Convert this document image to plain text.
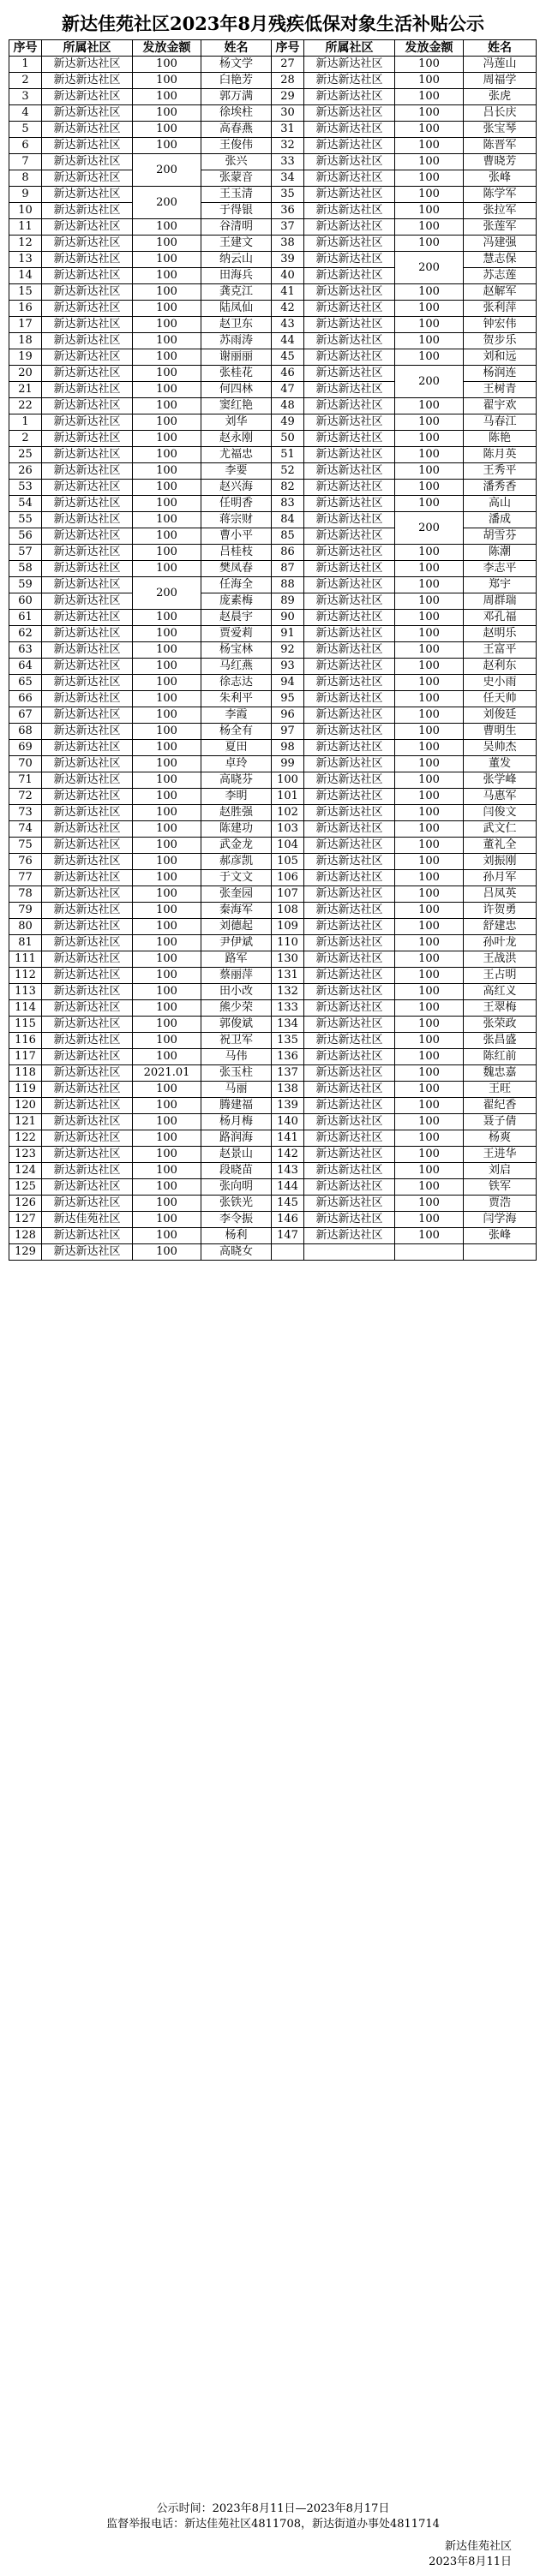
新达佳苑社区2023年8月残疾低保对象生活补贴公示
序号	所属社区	发放金额	姓名	序号	所属社区	发放金额	姓名
1	新达新达社区	100	杨文学	27	新达新达社区	100	冯莲山
2	新达新达社区	100	臼艳芳	28	新达新达社区	100	周福学
3	新达新达社区	100	郭万满	29	新达新达社区	100	张虎
4	新达新达社区	100	徐埃柱	30	新达新达社区	100	吕长庆
5	新达新达社区	100	高春燕	31	新达新达社区	100	张宝琴
6	新达新达社区	100	王俊伟	32	新达新达社区	100	陈晋军
7	新达新达社区	200	张兴	33	新达新达社区	100	曹晓芳
8	新达新达社区		张蒙音	34	新达新达社区	100	张峰
9	新达新达社区	200	王玉清	35	新达新达社区	100	陈学军
10	新达新达社区		于得银	36	新达新达社区	100	张拉军
11	新达新达社区	100	谷清明	37	新达新达社区	100	张莲军
12	新达新达社区	100	王建文	38	新达新达社区	100	冯建强
13	新达新达社区	100	纳云山	39	新达新达社区	200	慧志保
14	新达新达社区	100	田海兵	40	新达新达社区		苏志莲
15	新达新达社区	100	龚克江	41	新达新达社区	100	赵解军
16	新达新达社区	100	陆凤仙	42	新达新达社区	100	张利萍
17	新达新达社区	100	赵卫东	43	新达新达社区	100	钟宏伟
18	新达新达社区	100	苏雨涛	44	新达新达社区	100	贺步乐
19	新达新达社区	100	谢丽丽	45	新达新达社区	100	刘和远
20	新达新达社区	100	张桂花	46	新达新达社区	200	杨润连
21	新达新达社区	100	何四林	47	新达新达社区		王树青
22	新达新达社区	100	窦红艳	48	新达新达社区	100	翟宇欢
1	新达新达社区	100	刘华	49	新达新达社区	100	马春江
2	新达新达社区	100	赵永刚	50	新达新达社区	100	陈艳
25	新达新达社区	100	尤福忠	51	新达新达社区	100	陈月英
26	新达新达社区	100	李要	52	新达新达社区	100	王秀平
53	新达新达社区	100	赵兴海	82	新达新达社区	100	潘秀香
54	新达新达社区	100	任明香	83	新达新达社区	100	高山
55	新达新达社区	100	蒋宗财	84	新达新达社区	200	潘成
56	新达新达社区	100	曹小平	85	新达新达社区		胡雪芬
57	新达新达社区	100	吕桂枝	86	新达新达社区	100	陈潮
58	新达新达社区	100	樊凤春	87	新达新达社区	100	李志平
59	新达新达社区	200	任海全	88	新达新达社区	100	郑宇
60	新达新达社区		庞素梅	89	新达新达社区	100	周群瑞
61	新达新达社区	100	赵晨宇	90	新达新达社区	100	邓孔福
62	新达新达社区	100	贾爱莉	91	新达新达社区	100	赵明乐
63	新达新达社区	100	杨宝林	92	新达新达社区	100	王富平
64	新达新达社区	100	马红燕	93	新达新达社区	100	赵利东
65	新达新达社区	100	徐志达	94	新达新达社区	100	史小雨
66	新达新达社区	100	朱利平	95	新达新达社区	100	任天帅
67	新达新达社区	100	李霞	96	新达新达社区	100	刘俊廷
68	新达新达社区	100	杨全有	97	新达新达社区	100	曹明生
69	新达新达社区	100	夏田	98	新达新达社区	100	吴帅杰
70	新达新达社区	100	卓玲	99	新达新达社区	100	董发
71	新达新达社区	100	高晓芬	100	新达新达社区	100	张学峰
72	新达新达社区	100	李明	101	新达新达社区	100	马惠军
73	新达新达社区	100	赵胜强	102	新达新达社区	100	闫俊文
74	新达新达社区	100	陈建功	103	新达新达社区	100	武文仁
75	新达新达社区	100	武金龙	104	新达新达社区	100	董礼全
76	新达新达社区	100	郝彦凯	105	新达新达社区	100	刘振刚
77	新达新达社区	100	于文文	106	新达新达社区	100	孙月军
78	新达新达社区	100	张奎园	107	新达新达社区	100	吕凤英
79	新达新达社区	100	秦海军	108	新达新达社区	100	许贺勇
80	新达新达社区	100	刘德起	109	新达新达社区	100	舒建忠
81	新达新达社区	100	尹伊斌	110	新达新达社区	100	孙叶龙
111	新达新达社区	100	路军	130	新达新达社区	100	王战洪
112	新达新达社区	100	蔡丽萍	131	新达新达社区	100	王占明
113	新达新达社区	100	田小改	132	新达新达社区	100	高红义
114	新达新达社区	100	熊少荣	133	新达新达社区	100	王翠梅
115	新达新达社区	100	郭俊斌	134	新达新达社区	100	张荣政
116	新达新达社区	100	祝卫军	135	新达新达社区	100	张昌盛
117	新达新达社区	100	马伟	136	新达新达社区	100	陈红前
118	新达新达社区	2021.01	张玉柱	137	新达新达社区	100	魏忠嘉
119	新达新达社区	100	马丽	138	新达新达社区	100	王旺
120	新达新达社区	100	腾建福	139	新达新达社区	100	翟纪香
121	新达新达社区	100	杨月梅	140	新达新达社区	100	聂子倩
122	新达新达社区	100	路润海	141	新达新达社区	100	杨爽
123	新达新达社区	100	赵景山	142	新达新达社区	100	王进华
124	新达新达社区	100	段晓苗	143	新达新达社区	100	刘启
125	新达新达社区	100	张向明	144	新达新达社区	100	铁军
126	新达新达社区	100	张铁光	145	新达新达社区	100	贾浩
127	新达佳苑社区	100	李令振	146	新达新达社区	100	闫学海
128	新达新达社区	100	杨利	147	新达新达社区	100	张峰
129	新达新达社区	100	高晓女				
公示时间：2023年8月11日—2023年8月17日
监督举报电话：新达佳苑社区4811708，新达街道办事处4811714
新达佳苑社区
2023年8月11日
